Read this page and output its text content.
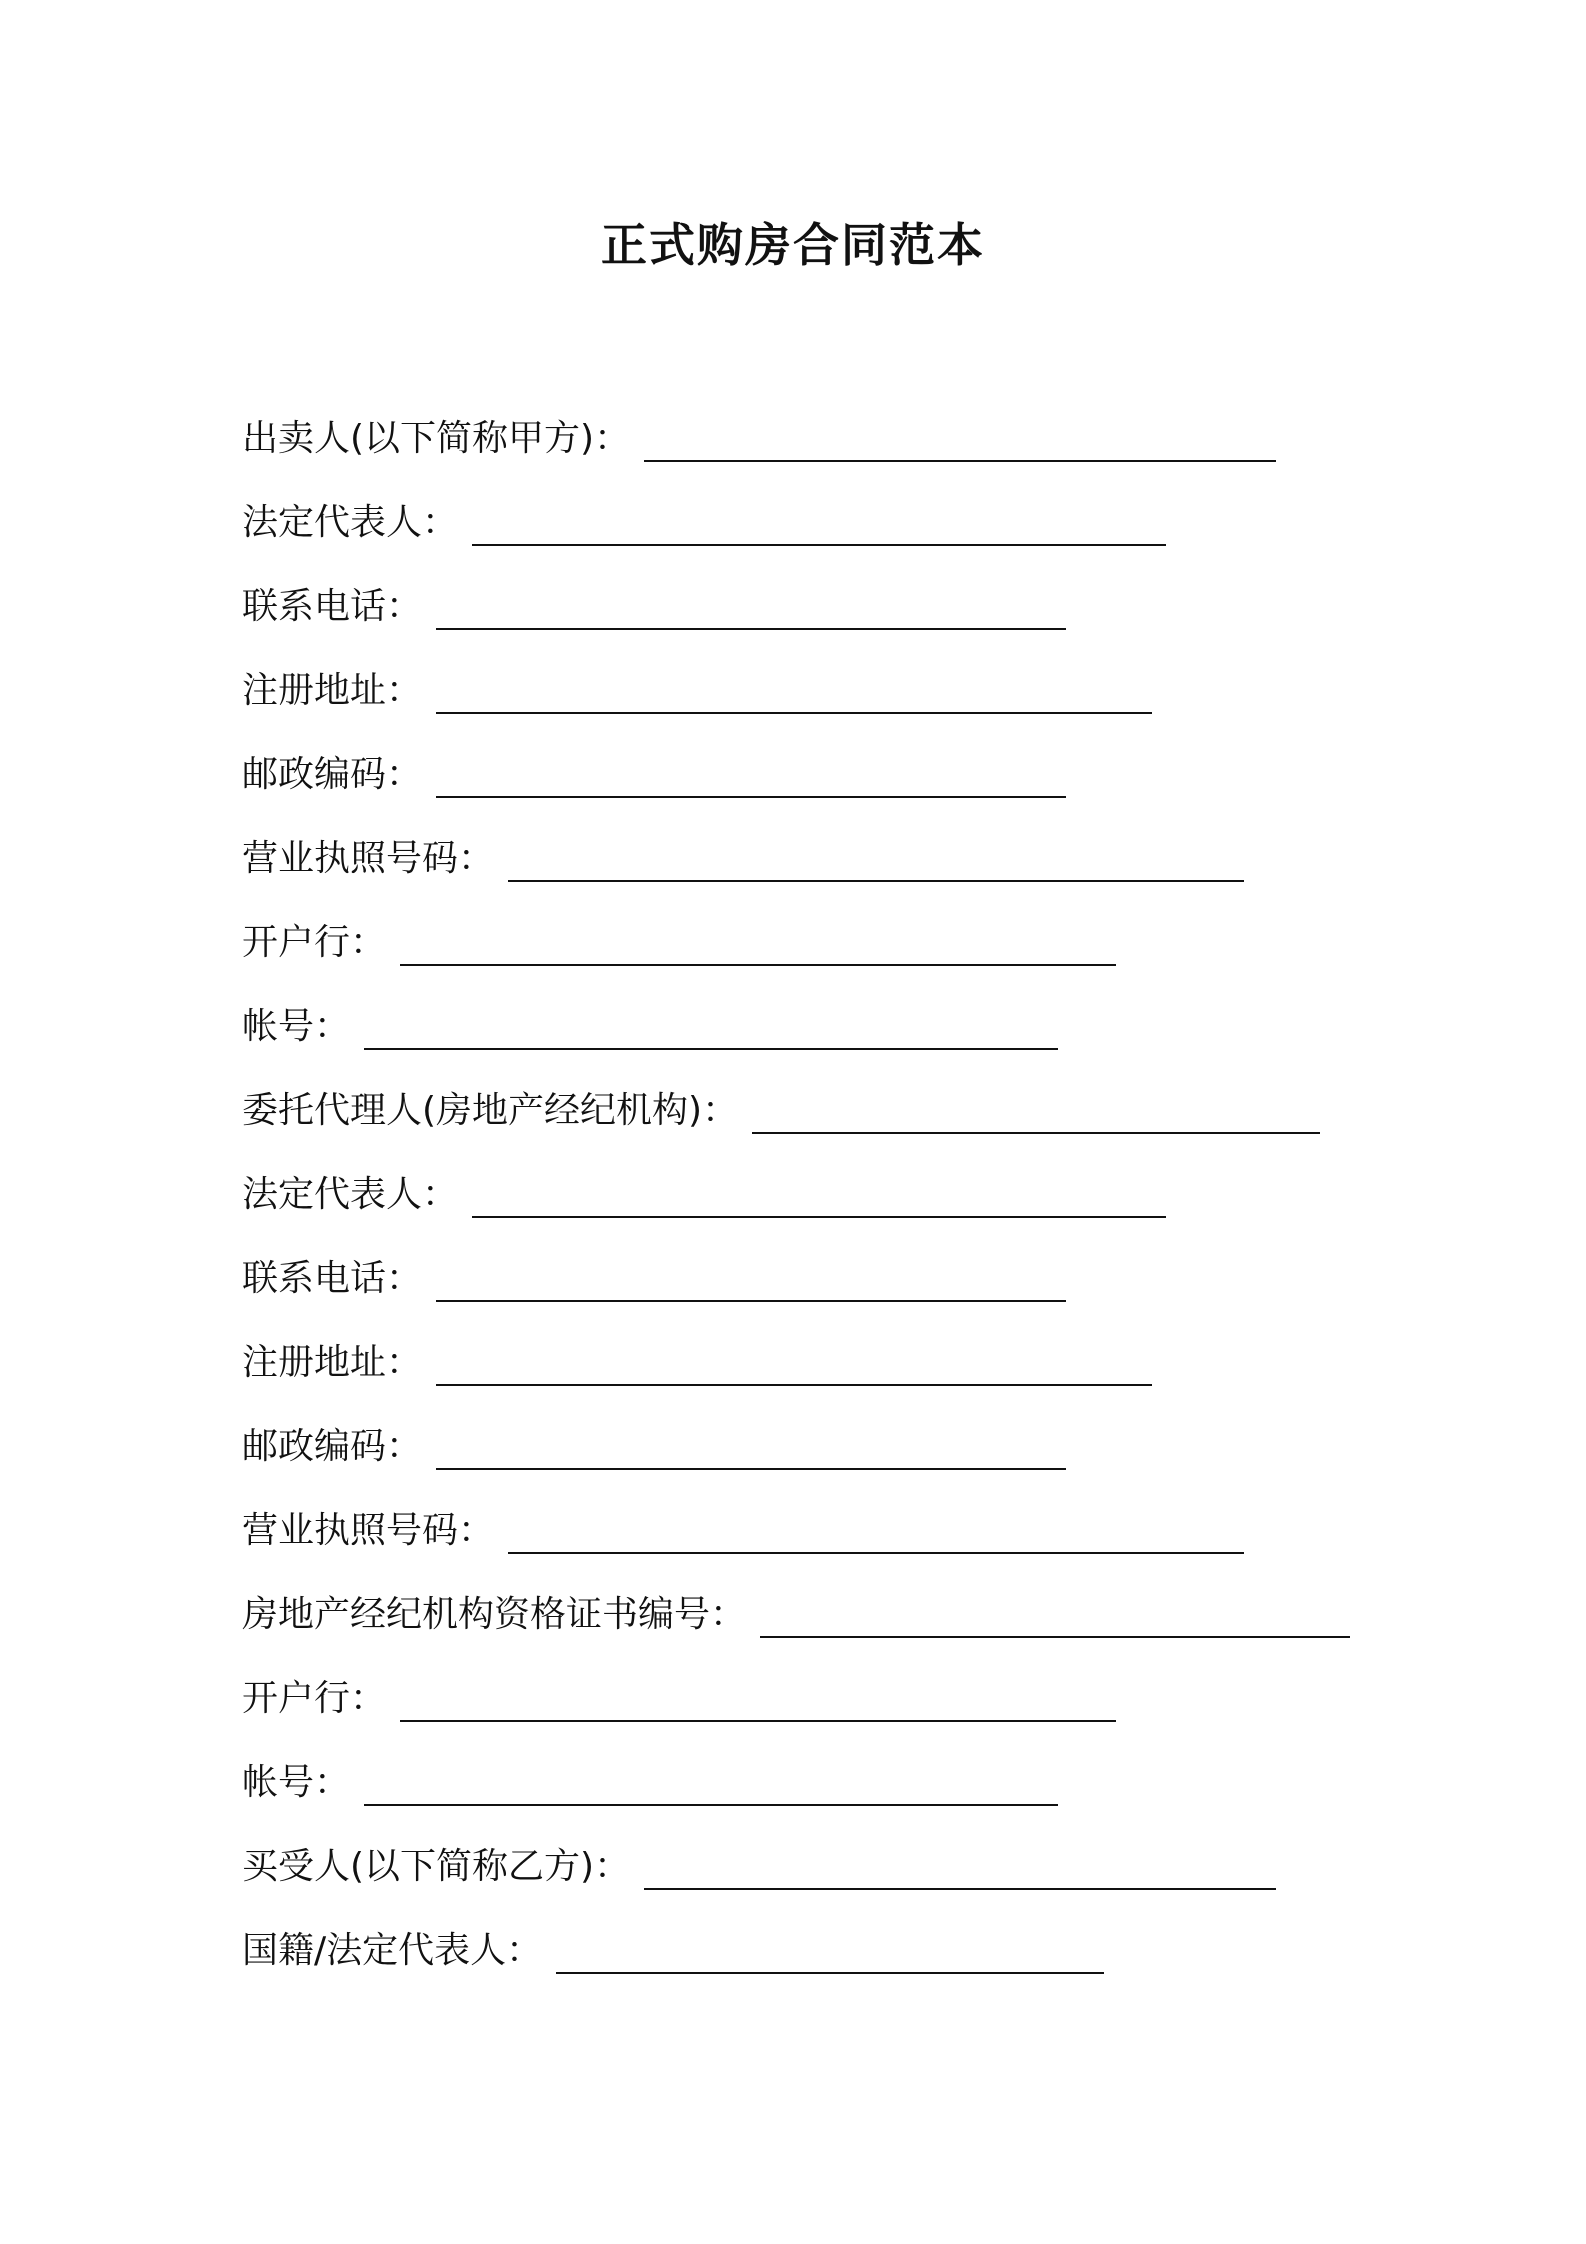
正式购房合同范本
出卖人(以下简称甲方)：
法定代表人：
联系电话：
注册地址：
邮政编码：
营业执照号码：
开户行：
帐号：
委托代理人(房地产经纪机构)：
法定代表人：
联系电话：
注册地址：
邮政编码：
营业执照号码：
房地产经纪机构资格证书编号：
开户行：
帐号：
买受人(以下简称乙方)：
国籍/法定代表人：
